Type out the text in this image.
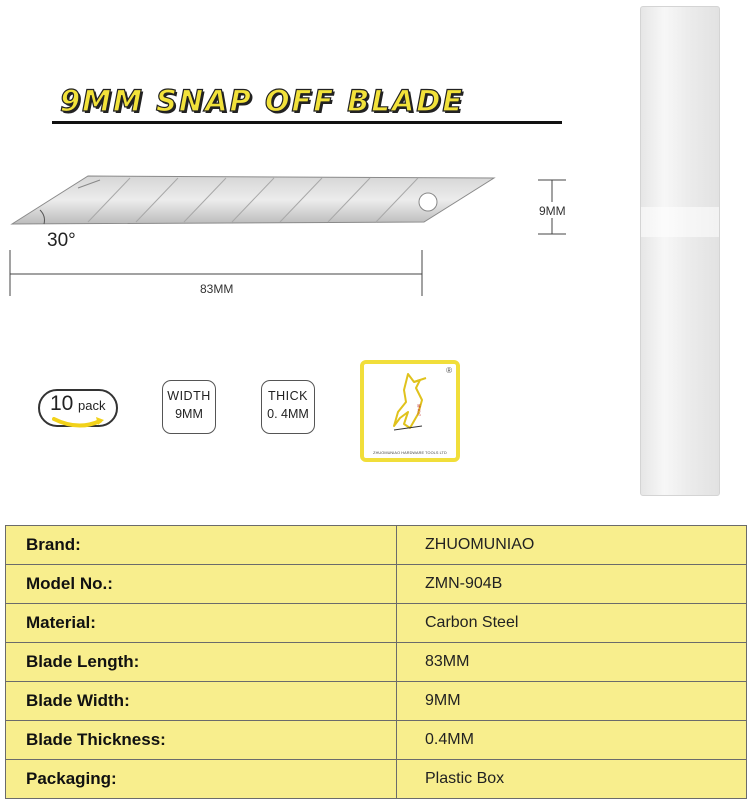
9MM SNAP OFF BLADE
30°
9MM
83MM
10 pack
WIDTH
9MM
THICK
0. 4MM
®
啄木鸟
ZHUOMUNIAO HARDWARE TOOLS LTD
Brand:	ZHUOMUNIAO
Model No.:	ZMN-904B
Material:	Carbon Steel
Blade Length:	83MM
Blade Width:	9MM
Blade Thickness:	0.4MM
Packaging:	Plastic Box
